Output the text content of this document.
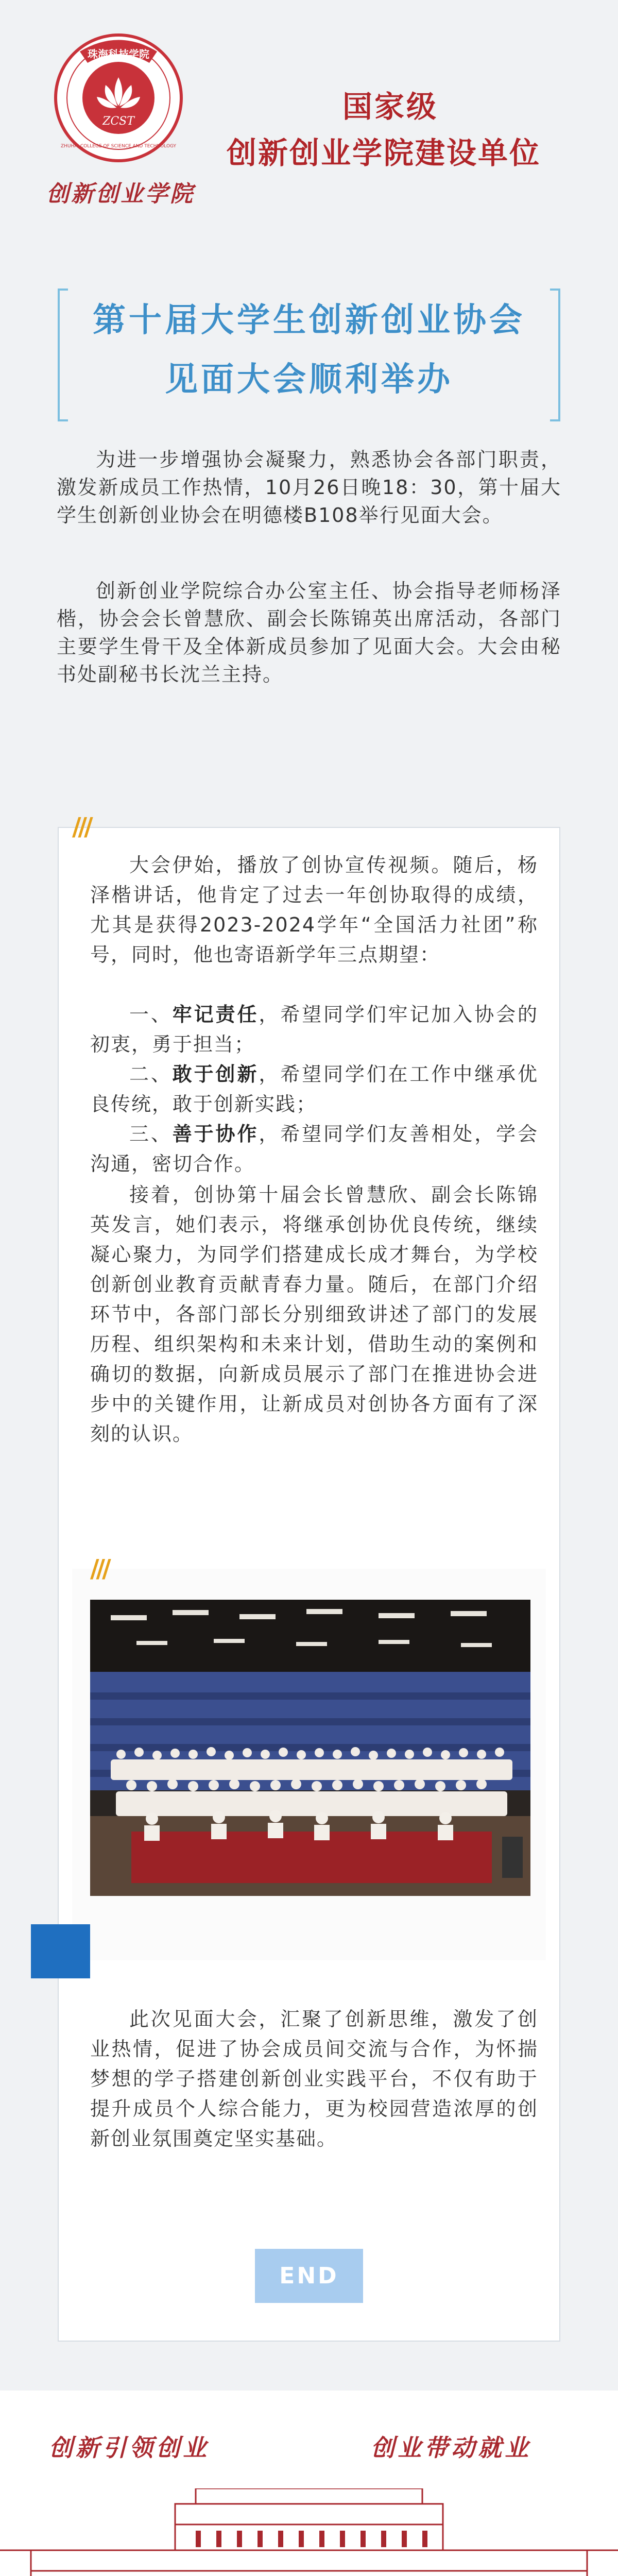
珠海科技学院
ZCST
ZHUHAI COLLEGE OF SCIENCE AND TECHNOLOGY
创新创业学院
国家级
创新创业学院建设单位
第十届大学生创新创业协会
见面大会顺利举办

为进一步增强协会凝聚力，熟悉协会各部门职责，激发新成员工作热情，10月26日晚18：30，第十届大学生创新创业协会在明德楼B108举行见面大会。

创新创业学院综合办公室主任、协会指导老师杨泽楷，协会会长曾慧欣、副会长陈锦英出席活动，各部门主要学生骨干及全体新成员参加了见面大会。大会由秘书处副秘书长沈兰主持。

///

大会伊始，播放了创协宣传视频。随后，杨泽楷讲话，他肯定了过去一年创协取得的成绩，尤其是获得2023-2024学年“全国活力社团”称号，同时，他也寄语新学年三点期望：

一、牢记责任，希望同学们牢记加入协会的初衷，勇于担当；

二、敢于创新，希望同学们在工作中继承优良传统，敢于创新实践；

三、善于协作，希望同学们友善相处，学会沟通，密切合作。

接着，创协第十届会长曾慧欣、副会长陈锦英发言，她们表示，将继承创协优良传统，继续凝心聚力，为同学们搭建成长成才舞台，为学校创新创业教育贡献青春力量。随后，在部门介绍环节中，各部门部长分别细致讲述了部门的发展历程、组织架构和未来计划，借助生动的案例和确切的数据，向新成员展示了部门在推进协会进步中的关键作用，让新成员对创协各方面有了深刻的认识。

///

此次见面大会，汇聚了创新思维，激发了创业热情，促进了协会成员间交流与合作，为怀揣梦想的学子搭建创新创业实践平台，不仅有助于提升成员个人综合能力，更为校园营造浓厚的创新创业氛围奠定坚实基础。

END
创新引领创业	创业带动就业
